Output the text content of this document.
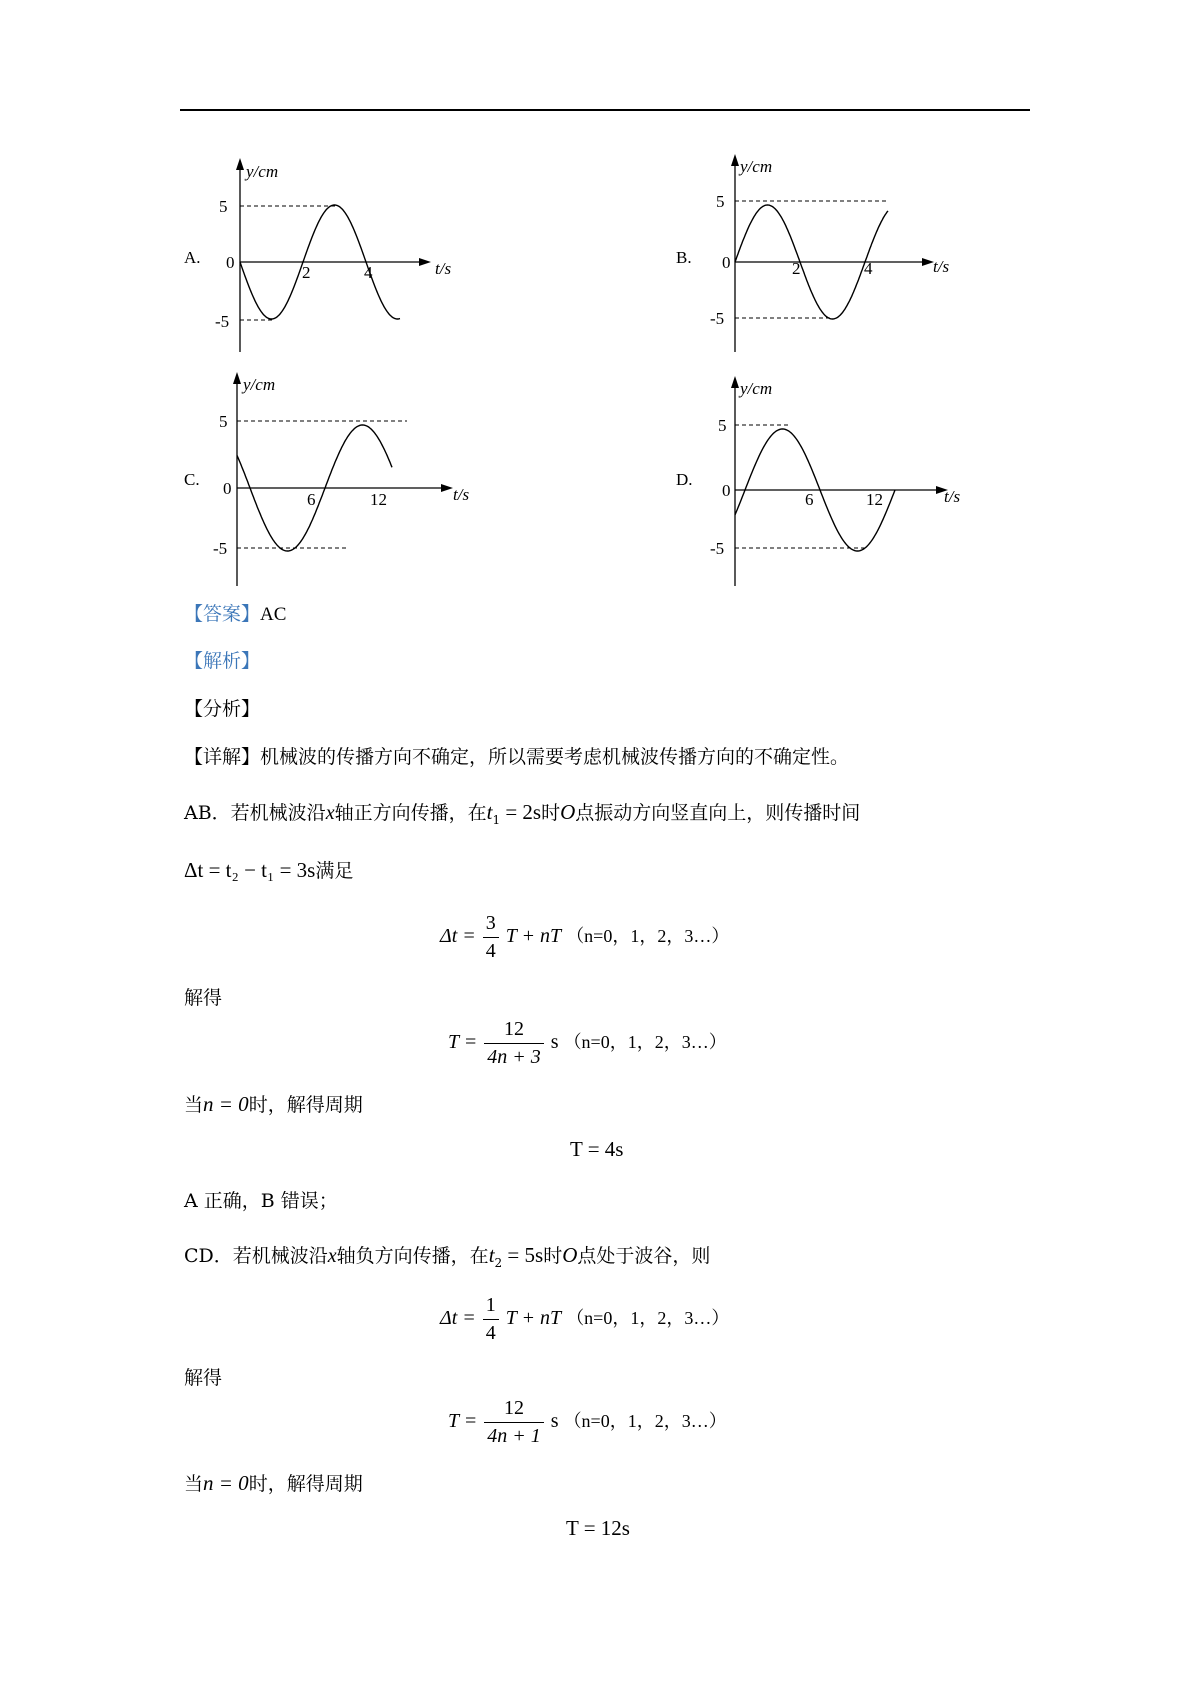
A.	B.
C.	D.
y/cm
5
0
-5
2	4	t/s
y/cm
5
0
-5
2	4	t/s
y/cm
5
0
-5
6	12	t/s
y/cm
5
0
-5
6	12	t/s
【答案】AC
【解析】
【分析】
【详解】机械波的传播方向不确定，所以需要考虑机械波传播方向的不确定性。
AB．若机械波沿x轴正方向传播，在$t_1 = 2s$时O点振动方向竖直向上，则传播时间
Δt = t₂ − t₁ = 3s满足
$\Delta t = \frac{3}{4}$ T + nT （n=0，1，2，3…）
解得
$T = \frac{12}{4n + 3}$ s （n=0，1，2，3…）
当n = 0时，解得周期
T = 4s
A 正确，B 错误；
CD．若机械波沿x轴负方向传播，在$t_2 = 5s$时O点处于波谷，则
$\Delta t = \frac{1}{4}$ T + nT （n=0，1，2，3…）
解得
$T = \frac{12}{4n + 1}$ s （n=0，1，2，3…）
当n = 0时，解得周期
T = 12s
